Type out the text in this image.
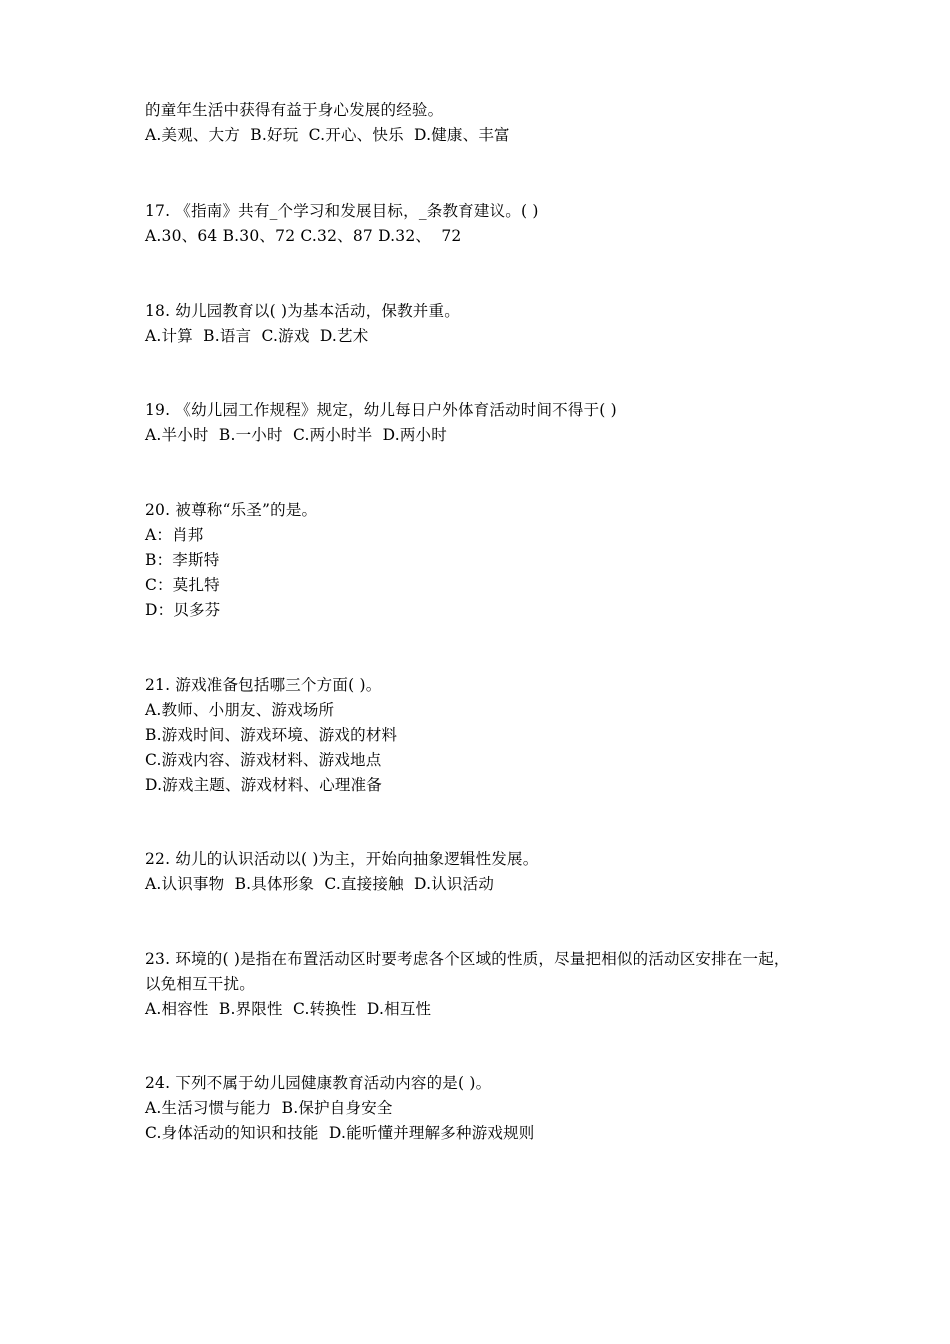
的童年生活中获得有益于身心发展的经验。
A.美观、大方  B.好玩  C.开心、快乐  D.健康、丰富
17. 《指南》共有_个学习和发展目标，_条教育建议。( )
A.30、64 B.30、72 C.32、87 D.32、  72
18. 幼儿园教育以( )为基本活动，保教并重。
A.计算  B.语言  C.游戏  D.艺术
19. 《幼儿园工作规程》规定，幼儿每日户外体育活动时间不得于( )
A.半小时  B.一小时  C.两小时半  D.两小时
20. 被尊称“乐圣”的是。
A：肖邦
B：李斯特
C：莫扎特
D：贝多芬
21. 游戏准备包括哪三个方面( )。
A.教师、小朋友、游戏场所
B.游戏时间、游戏环境、游戏的材料
C.游戏内容、游戏材料、游戏地点
D.游戏主题、游戏材料、心理准备
22. 幼儿的认识活动以( )为主，开始向抽象逻辑性发展。
A.认识事物  B.具体形象  C.直接接触  D.认识活动
23. 环境的( )是指在布置活动区时要考虑各个区域的性质，尽量把相似的活动区安排在一起，
以免相互干扰。
A.相容性  B.界限性  C.转换性  D.相互性
24. 下列不属于幼儿园健康教育活动内容的是( )。
A.生活习惯与能力  B.保护自身安全
C.身体活动的知识和技能  D.能听懂并理解多种游戏规则
